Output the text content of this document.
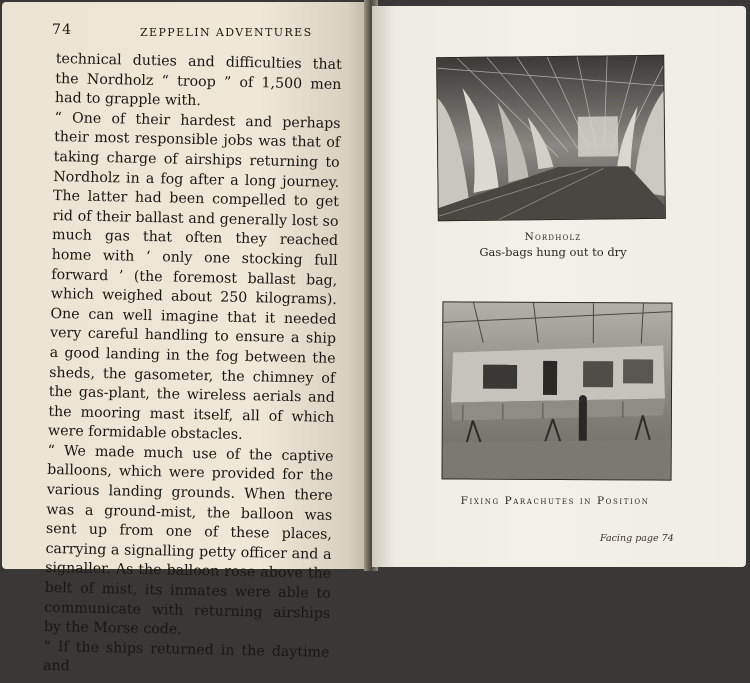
74	ZEPPELIN ADVENTURES

technical duties and difficulties that the Nordholz “ troop ” of 1,500 men had to grapple with.

“ One of their hardest and perhaps their most responsible jobs was that of taking charge of airships returning to Nordholz in a fog after a long journey. The latter had been compelled to get rid of their ballast and generally lost so much gas that often they reached home with ‘ only one stocking full forward ’ (the foremost ballast bag, which weighed about 250 kilograms). One can well imagine that it needed very careful handling to ensure a ship a good landing in the fog between the sheds, the gasometer, the chimney of the gas-plant, the wireless aerials and the mooring mast itself, all of which were formidable obstacles.

“ We made much use of the captive balloons, which were provided for the various landing grounds. When there was a ground-mist, the balloon was sent up from one of these places, carrying a signalling petty officer and a signaller. As the balloon rose above the belt of mist, its inmates were able to communicate with returning airships by the Morse code.

“ If the ships returned in the daytime and

Nordholz
Gas-bags hung out to dry
Fixing Parachutes in Position
Facing page 74
